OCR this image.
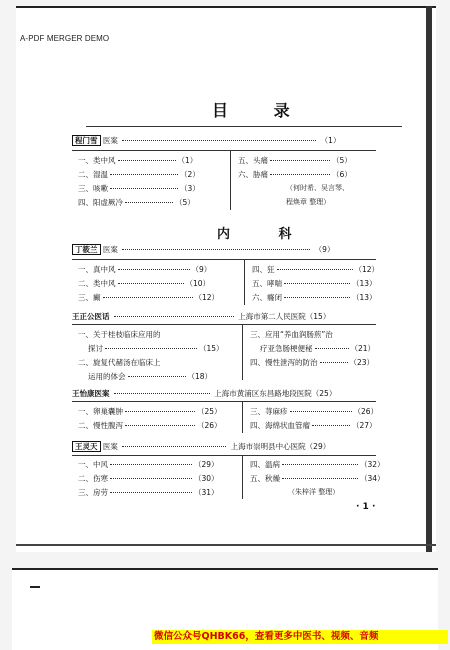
A-PDF MERGER DEMO
目 录
程门雪 医案	（1）
一、类中风	（1）
二、湿温	（2）
三、咳嗽	（3）
四、阳虚厥冷	（5）
五、头痛	（5）
六、胁痛	（6）
（何时希、吴言琴、
程焕章 整理）
内 科
丁筱兰 医案	（9）
一、真中风	（9）
二、类中风	（10）
三、癫	（12）
四、狂	（12）
五、哮喘	（13）
六、癃闭	（13）
王正公医话	上海市第二人民医院（15）
一、关于桂枝临床应用的
探讨	（15）
二、旋复代赭汤在临床上
运用的体会	（18）
三、应用“养血润肠煎”治
疗亚急肠梗便秘	（21）
四、慢性泄泻的防治	（23）
王怡康医案	上海市黄浦区东昌路地段医院（25）
一、卵巢囊肿	（25）
二、慢性腹泻	（26）
三、荨麻疹	（26）
四、海绵状血管瘤	（27）
王灵天 医案	上海市崇明县中心医院（29）
一、中风	（29）
二、伤寒	（30）
三、房劳	（31）
四、温病	（32）
五、秋燥	（34）
（朱梓洋 整理）
· 1 ·
微信公众号QHBK66，查看更多中医书、视频、音频
